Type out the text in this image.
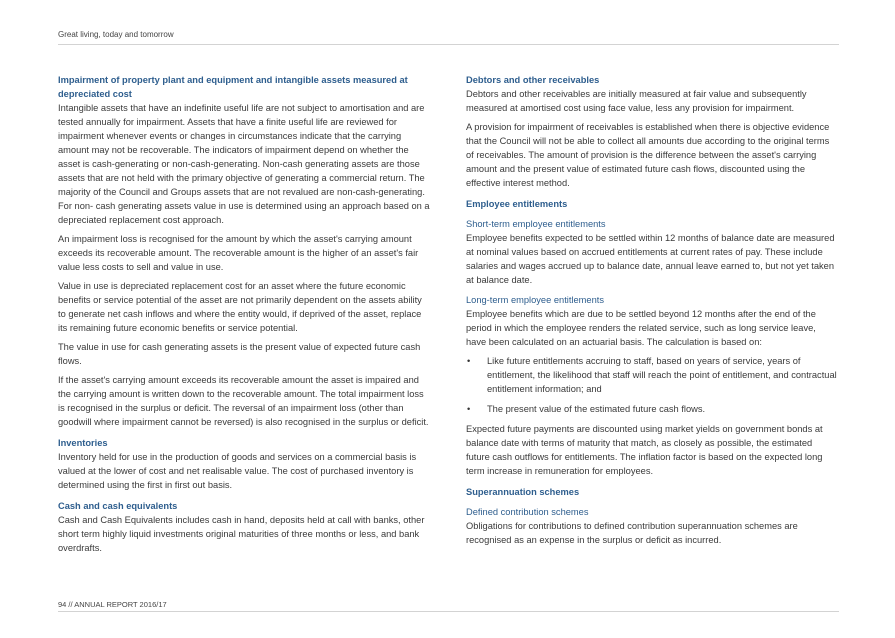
Great living, today and tomorrow
Impairment of property plant and equipment and intangible assets measured at depreciated cost

Intangible assets that have an indefinite useful life are not subject to amortisation and are tested annually for impairment. Assets that have a finite useful life are reviewed for impairment whenever events or changes in circumstances indicate that the carrying amount may not be recoverable. The indicators of impairment depend on whether the asset is cash-generating or non-cash-generating. Non-cash generating assets are those assets that are not held with the primary objective of generating a commercial return. The majority of the Council and Groups assets that are not revalued are non-cash-generating. For non- cash generating assets value in use is determined using an approach based on a depreciated replacement cost approach.

An impairment loss is recognised for the amount by which the asset's carrying amount exceeds its recoverable amount. The recoverable amount is the higher of an asset's fair value less costs to sell and value in use.

Value in use is depreciated replacement cost for an asset where the future economic benefits or service potential of the asset are not primarily dependent on the assets ability to generate net cash inflows and where the entity would, if deprived of the asset, replace its remaining future economic benefits or service potential.

The value in use for cash generating assets is the present value of expected future cash flows.

If the asset's carrying amount exceeds its recoverable amount the asset is impaired and the carrying amount is written down to the recoverable amount. The total impairment loss is recognised in the surplus or deficit. The reversal of an impairment loss (other than goodwill where impairment cannot be reversed) is also recognised in the surplus or deficit.

Inventories

Inventory held for use in the production of goods and services on a commercial basis is valued at the lower of cost and net realisable value. The cost of purchased inventory is determined using the first in first out basis.

Cash and cash equivalents

Cash and Cash Equivalents includes cash in hand, deposits held at call with banks, other short term highly liquid investments original maturities of three months or less, and bank overdrafts.

Debtors and other receivables

Debtors and other receivables are initially measured at fair value and subsequently measured at amortised cost using face value, less any provision for impairment.

A provision for impairment of receivables is established when there is objective evidence that the Council will not be able to collect all amounts due according to the original terms of receivables. The amount of provision is the difference between the asset's carrying amount and the present value of estimated future cash flows, discounted using the effective interest method.

Employee entitlements
Short-term employee entitlements

Employee benefits expected to be settled within 12 months of balance date are measured at nominal values based on accrued entitlements at current rates of pay. These include salaries and wages accrued up to balance date, annual leave earned to, but not yet taken at balance date.

Long-term employee entitlements

Employee benefits which are due to be settled beyond 12 months after the end of the period in which the employee renders the related service, such as long service leave, have been calculated on an actuarial basis. The calculation is based on:

• Like future entitlements accruing to staff, based on years of service, years of entitlement, the likelihood that staff will reach the point of entitlement, and contractual entitlement information; and
• The present value of the estimated future cash flows.

Expected future payments are discounted using market yields on government bonds at balance date with terms of maturity that match, as closely as possible, the estimated future cash outflows for entitlements. The inflation factor is based on the expected long term increase in remuneration for employees.

Superannuation schemes
Defined contribution schemes

Obligations for contributions to defined contribution superannuation schemes are recognised as an expense in the surplus or deficit as incurred.

94 // ANNUAL REPORT 2016/17
